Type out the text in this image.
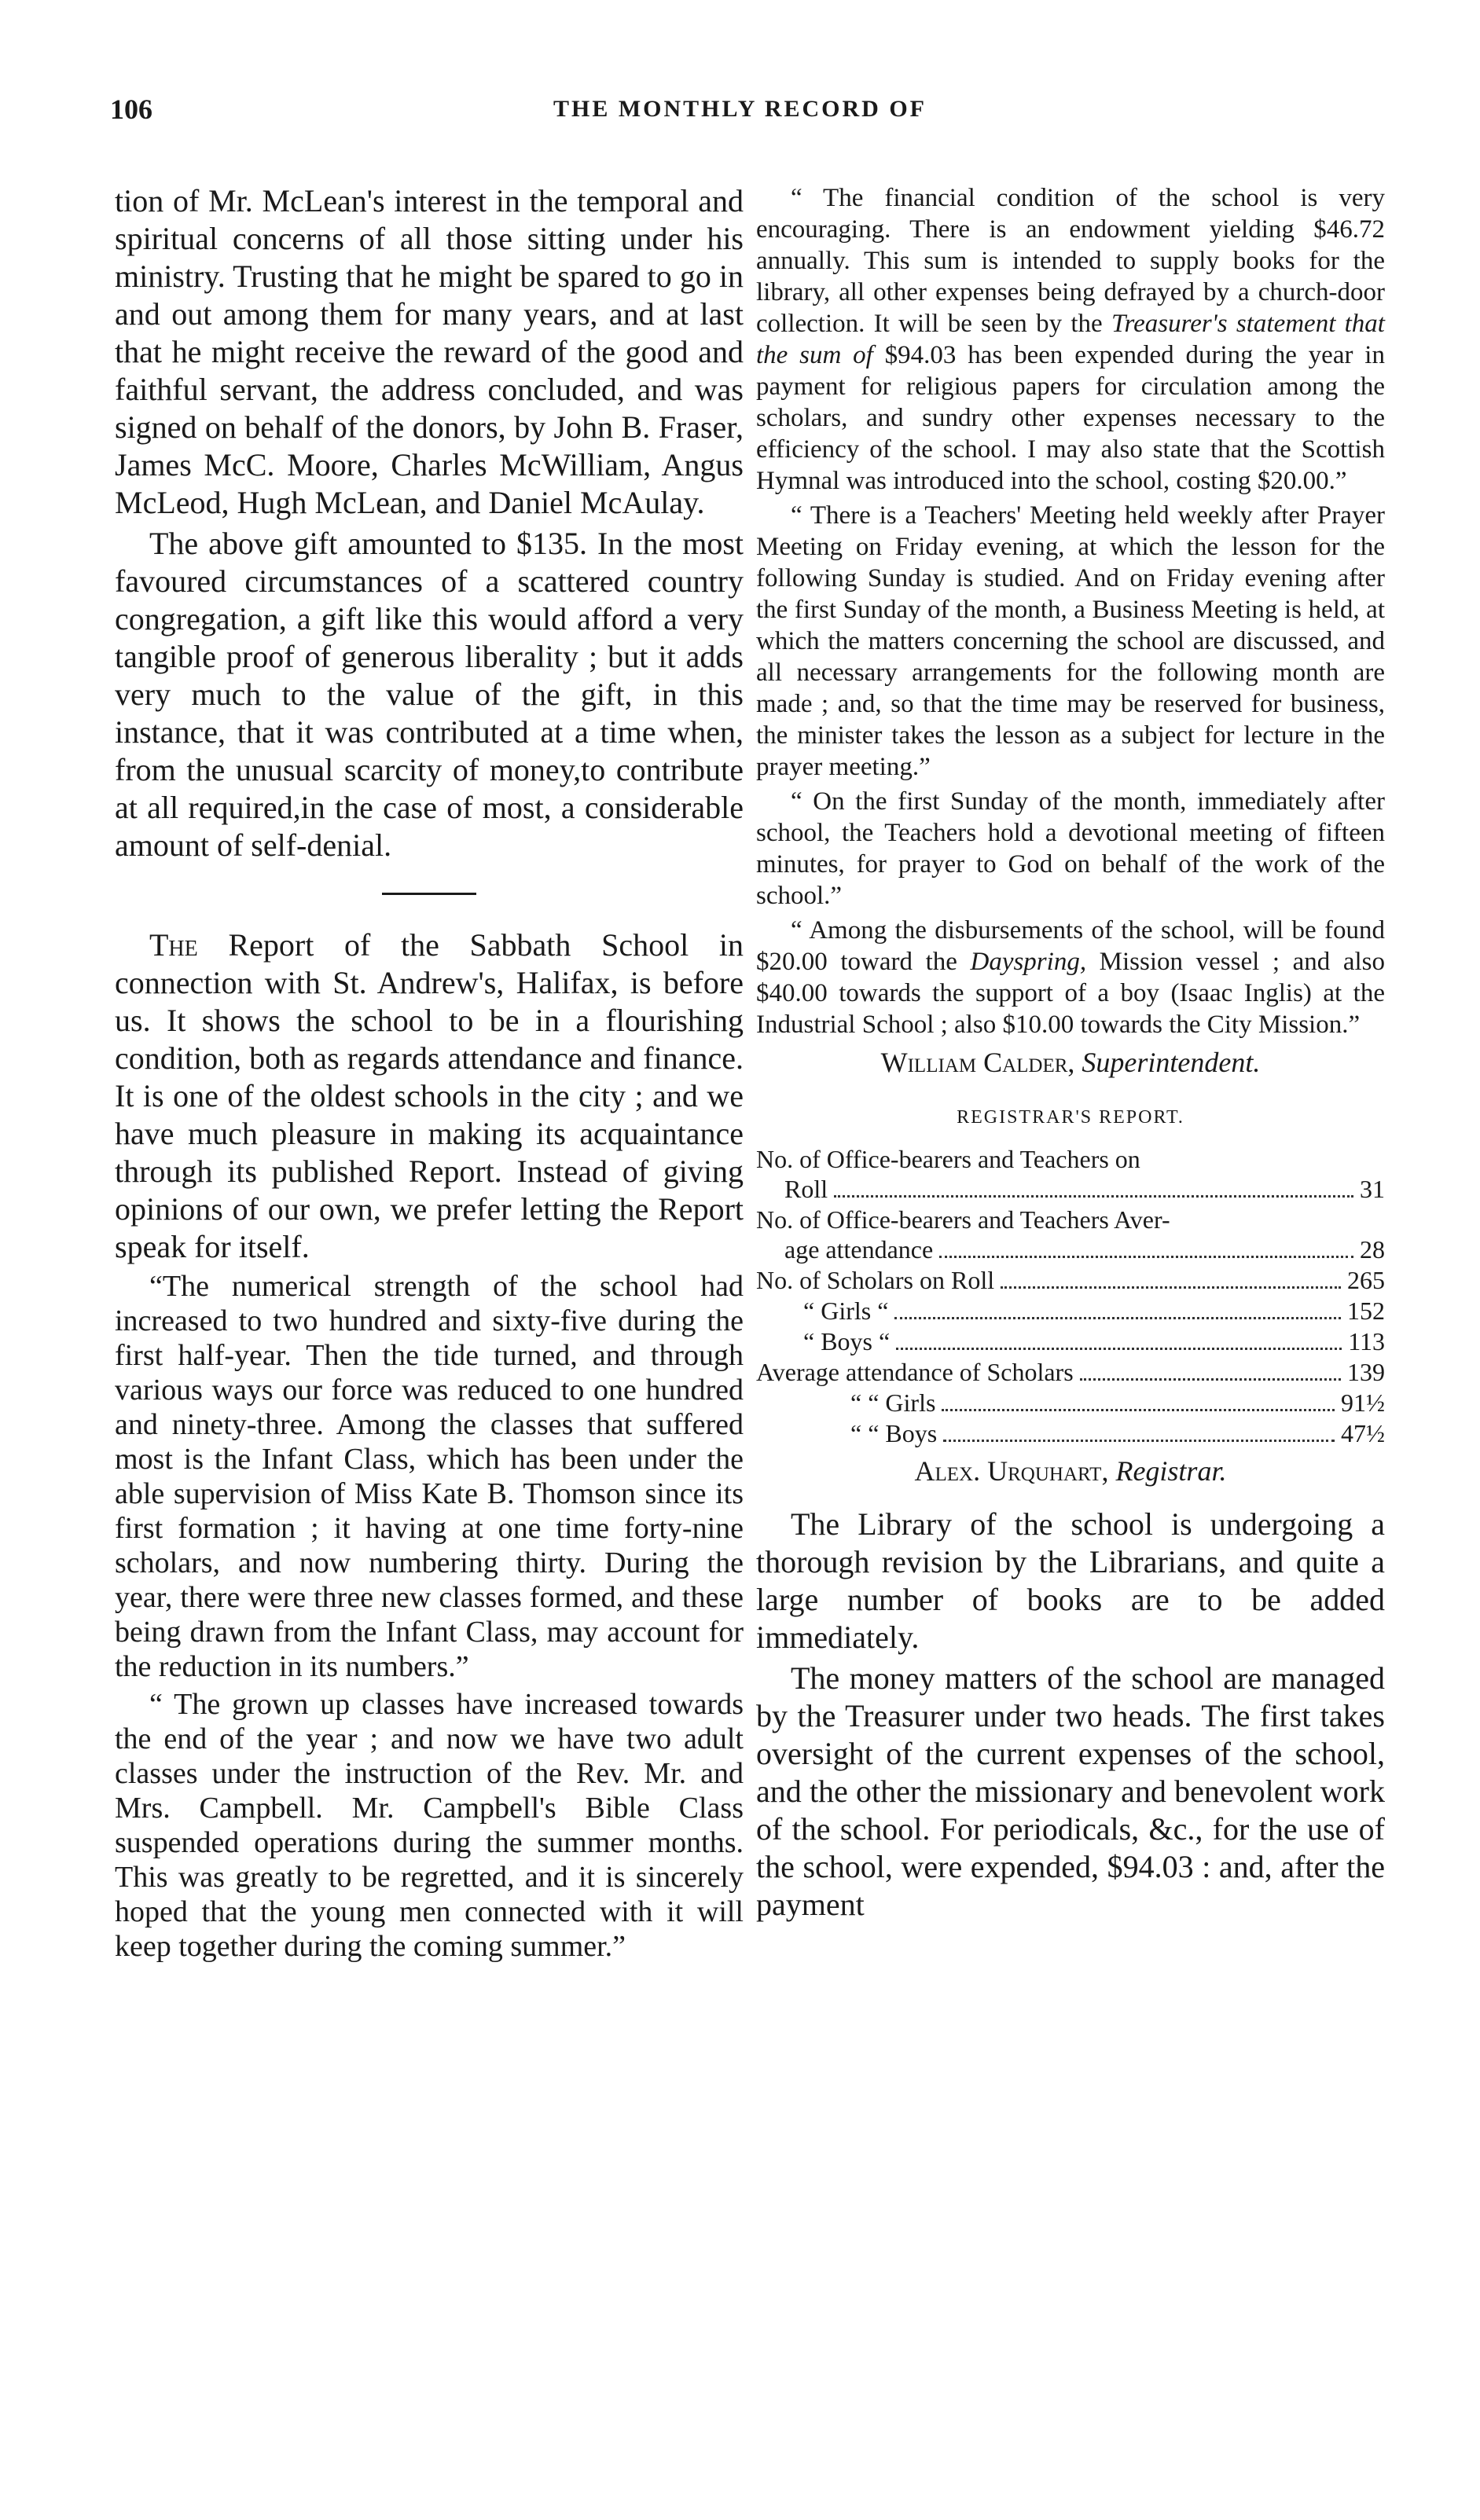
106	THE MONTHLY RECORD OF

tion of Mr. McLean's interest in the temporal and spiritual concerns of all those sitting under his ministry. Trusting that he might be spared to go in and out among them for many years, and at last that he might receive the reward of the good and faithful servant, the address concluded, and was signed on behalf of the donors, by John B. Fraser, James McC. Moore, Charles McWilliam, Angus McLeod, Hugh McLean, and Daniel McAulay.

The above gift amounted to $135. In the most favoured circumstances of a scattered country congregation, a gift like this would afford a very tangible proof of generous liberality ; but it adds very much to the value of the gift, in this instance, that it was contributed at a time when, from the unusual scarcity of money,to contribute at all required,in the case of most, a considerable amount of self-denial.

The Report of the Sabbath School in connection with St. Andrew's, Halifax, is before us. It shows the school to be in a flourishing condition, both as regards attendance and finance. It is one of the oldest schools in the city ; and we have much pleasure in making its acquaintance through its published Report. Instead of giving opinions of our own, we prefer letting the Report speak for itself.

“The numerical strength of the school had increased to two hundred and sixty-five during the first half-year. Then the tide turned, and through various ways our force was reduced to one hundred and ninety-three. Among the classes that suffered most is the Infant Class, which has been under the able supervision of Miss Kate B. Thomson since its first formation ; it having at one time forty-nine scholars, and now numbering thirty. During the year, there were three new classes formed, and these being drawn from the Infant Class, may account for the reduction in its numbers.”

“ The grown up classes have increased towards the end of the year ; and now we have two adult classes under the instruction of the Rev. Mr. and Mrs. Campbell. Mr. Campbell's Bible Class suspended operations during the summer months. This was greatly to be regretted, and it is sincerely hoped that the young men connected with it will keep together during the coming summer.”

“ The financial condition of the school is very encouraging. There is an endowment yielding $46.72 annually. This sum is intended to supply books for the library, all other expenses being defrayed by a church-door collection. It will be seen by the Treasurer's statement that the sum of $94.03 has been expended during the year in payment for religious papers for circulation among the scholars, and sundry other expenses necessary to the efficiency of the school. I may also state that the Scottish Hymnal was introduced into the school, costing $20.00.”

“ There is a Teachers' Meeting held weekly after Prayer Meeting on Friday evening, at which the lesson for the following Sunday is studied. And on Friday evening after the first Sunday of the month, a Business Meeting is held, at which the matters concerning the school are discussed, and all necessary arrangements for the following month are made ; and, so that the time may be reserved for business, the minister takes the lesson as a subject for lecture in the prayer meeting.”

“ On the first Sunday of the month, immediately after school, the Teachers hold a devotional meeting of fifteen minutes, for prayer to God on behalf of the work of the school.”

“ Among the disbursements of the school, will be found $20.00 toward the Dayspring, Mission vessel ; and also $40.00 towards the support of a boy (Isaac Inglis) at the Industrial School ; also $10.00 towards the City Mission.”

William Calder, Superintendent.
REGISTRAR'S REPORT.
No. of Office-bearers and Teachers on
Roll	31
No. of Office-bearers and Teachers Aver-
age attendance	28
No. of Scholars on Roll	265
“ Girls “	152
“ Boys “	113
Average attendance of Scholars	139
“ “ Girls	91½
“ “ Boys	47½
Alex. Urquhart, Registrar.

The Library of the school is undergoing a thorough revision by the Librarians, and quite a large number of books are to be added immediately.

The money matters of the school are managed by the Treasurer under two heads. The first takes oversight of the current expenses of the school, and the other the missionary and benevolent work of the school. For periodicals, &c., for the use of the school, were expended, $94.03 : and, after the payment
